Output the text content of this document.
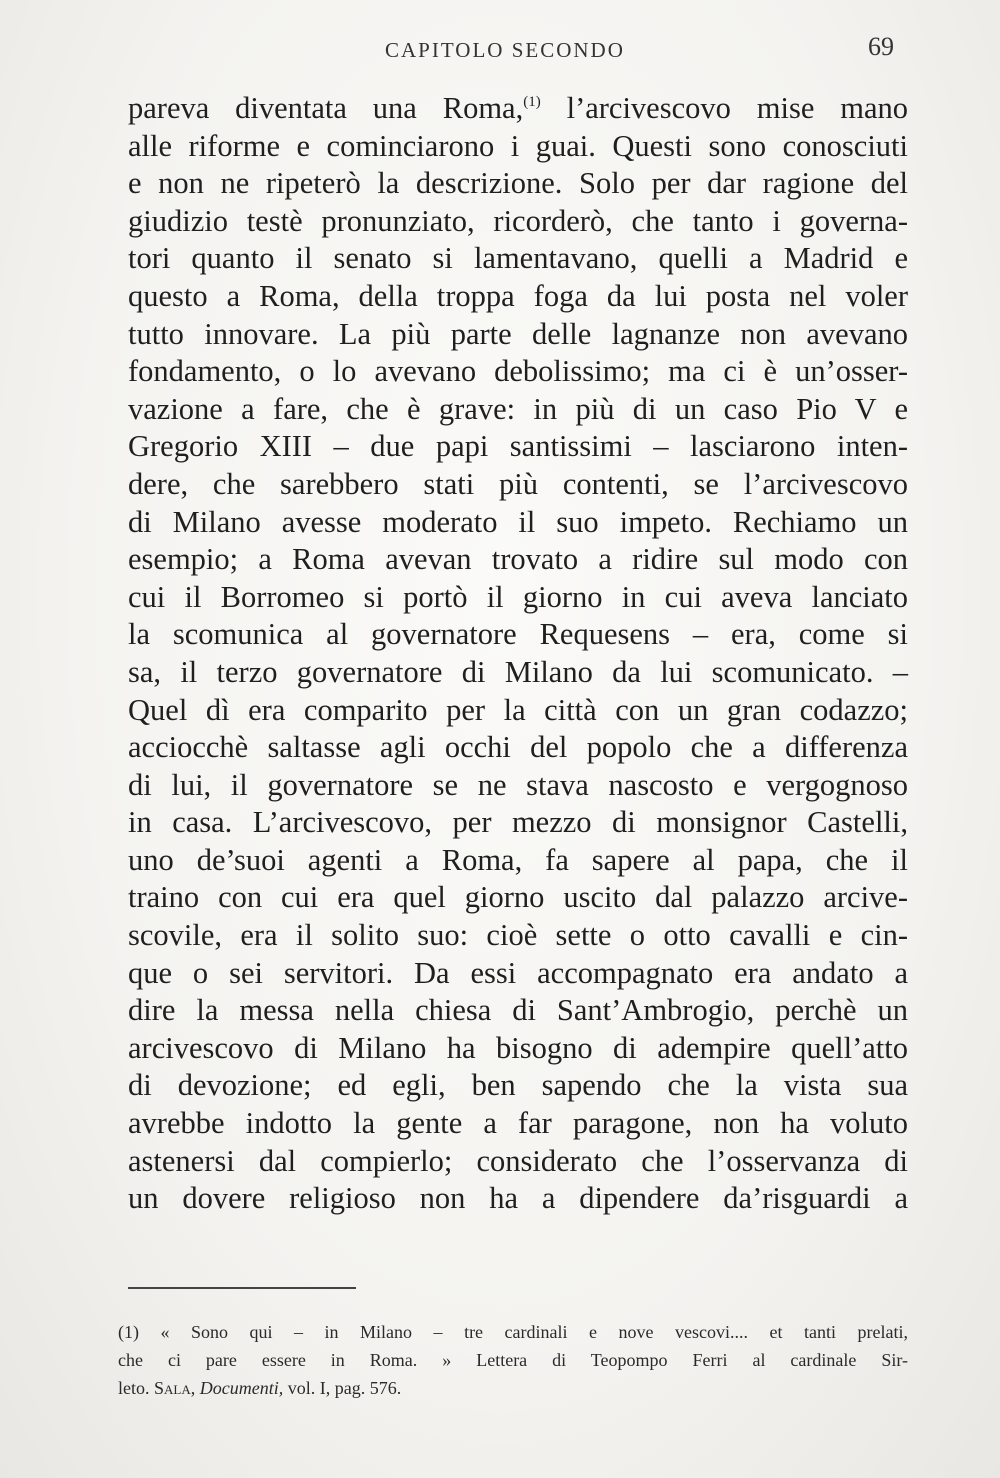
CAPITOLO SECONDO	69
pareva diventata una Roma,$^{(1)}$ l’arcivescovo mise mano
alle riforme e cominciarono i guai. Questi sono conosciuti
e non ne ripeterò la descrizione. Solo per dar ragione del
giudizio testè pronunziato, ricorderò, che tanto i governa-
tori quanto il senato si lamentavano, quelli a Madrid e
questo a Roma, della troppa foga da lui posta nel voler
tutto innovare. La più parte delle lagnanze non avevano
fondamento, o lo avevano debolissimo; ma ci è un’osser-
vazione a fare, che è grave: in più di un caso Pio V e
Gregorio XIII – due papi santissimi – lasciarono inten-
dere, che sarebbero stati più contenti, se l’arcivescovo
di Milano avesse moderato il suo impeto. Rechiamo un
esempio; a Roma avevan trovato a ridire sul modo con
cui il Borromeo si portò il giorno in cui aveva lanciato
la scomunica al governatore Requesens – era, come si
sa, il terzo governatore di Milano da lui scomunicato. –
Quel dì era comparito per la città con un gran codazzo;
acciocchè saltasse agli occhi del popolo che a differenza
di lui, il governatore se ne stava nascosto e vergognoso
in casa. L’arcivescovo, per mezzo di monsignor Castelli,
uno de’suoi agenti a Roma, fa sapere al papa, che il
traino con cui era quel giorno uscito dal palazzo arcive-
scovile, era il solito suo: cioè sette o otto cavalli e cin-
que o sei servitori. Da essi accompagnato era andato a
dire la messa nella chiesa di Sant’Ambrogio, perchè un
arcivescovo di Milano ha bisogno di adempire quell’atto
di devozione; ed egli, ben sapendo che la vista sua
avrebbe indotto la gente a far paragone, non ha voluto
astenersi dal compierlo; considerato che l’osservanza di
un dovere religioso non ha a dipendere da’risguardi a
(1) « Sono qui – in Milano – tre cardinali e nove vescovi.... et tanti prelati,
che ci pare essere in Roma. » Lettera di Teopompo Ferri al cardinale Sir-
leto. Sala, Documenti, vol. I, pag. 576.
